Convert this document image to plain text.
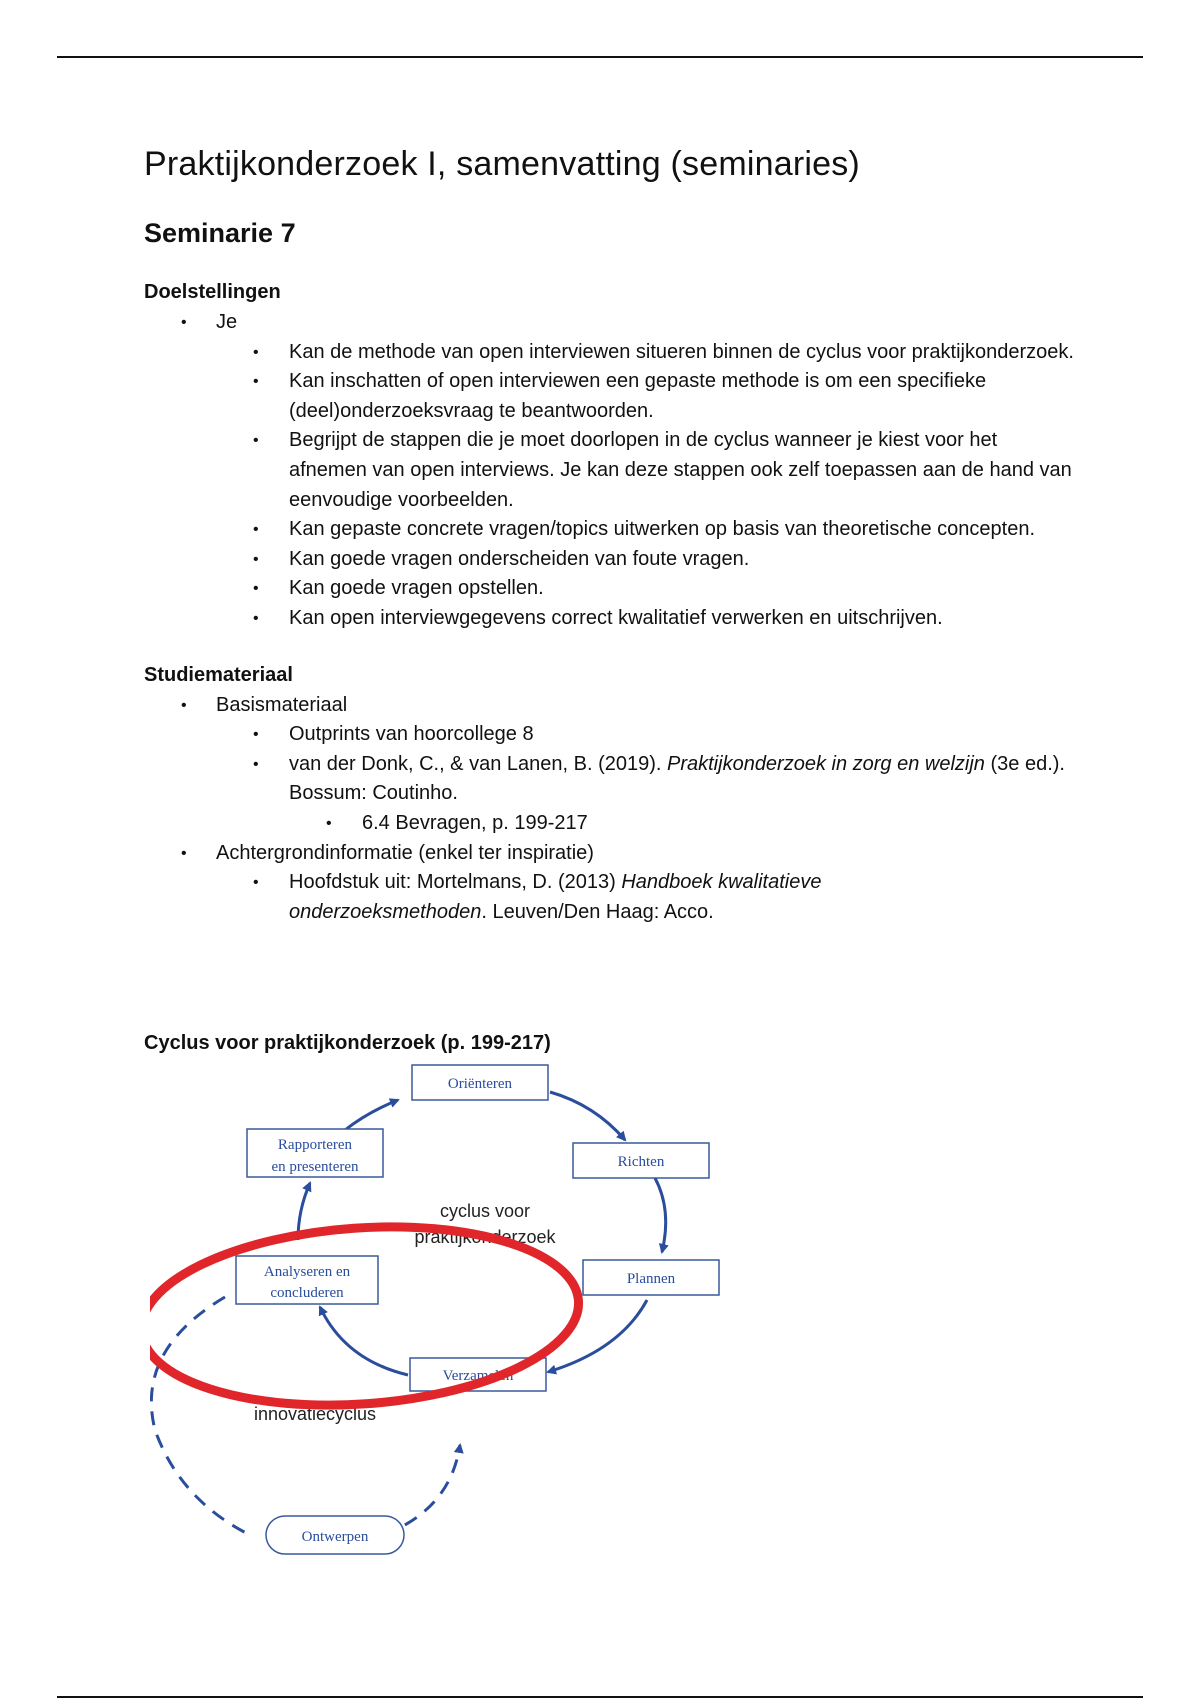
Praktijkonderzoek I, samenvatting (seminaries)
Seminarie 7
Doelstellingen
• Je
• Kan de methode van open interviewen situeren binnen de cyclus voor praktijkonderzoek.
• Kan inschatten of open interviewen een gepaste methode is om een specifieke (deel)onderzoeksvraag te beantwoorden.
• Begrijpt de stappen die je moet doorlopen in de cyclus wanneer je kiest voor het afnemen van open interviews. Je kan deze stappen ook zelf toepassen aan de hand van eenvoudige voorbeelden.
• Kan gepaste concrete vragen/topics uitwerken op basis van theoretische concepten.
• Kan goede vragen onderscheiden van foute vragen.
• Kan goede vragen opstellen.
• Kan open interviewgegevens correct kwalitatief verwerken en uitschrijven.
Studiemateriaal
• Basismateriaal
• Outprints van hoorcollege 8
• van der Donk, C., & van Lanen, B. (2019). Praktijkonderzoek in zorg en welzijn (3e ed.). Bossum: Coutinho.
• 6.4 Bevragen, p. 199-217
• Achtergrondinformatie (enkel ter inspiratie)
• Hoofdstuk uit: Mortelmans, D. (2013) Handboek kwalitatieve onderzoeksmethoden. Leuven/Den Haag: Acco.
Cyclus voor praktijkonderzoek (p. 199-217)
cyclus voor
praktijkonderzoek
innovatiecyclus
Oriënteren
Richten
Plannen
Verzamelen
Analyseren en
concluderen
Rapporteren
en presenteren
Ontwerpen
